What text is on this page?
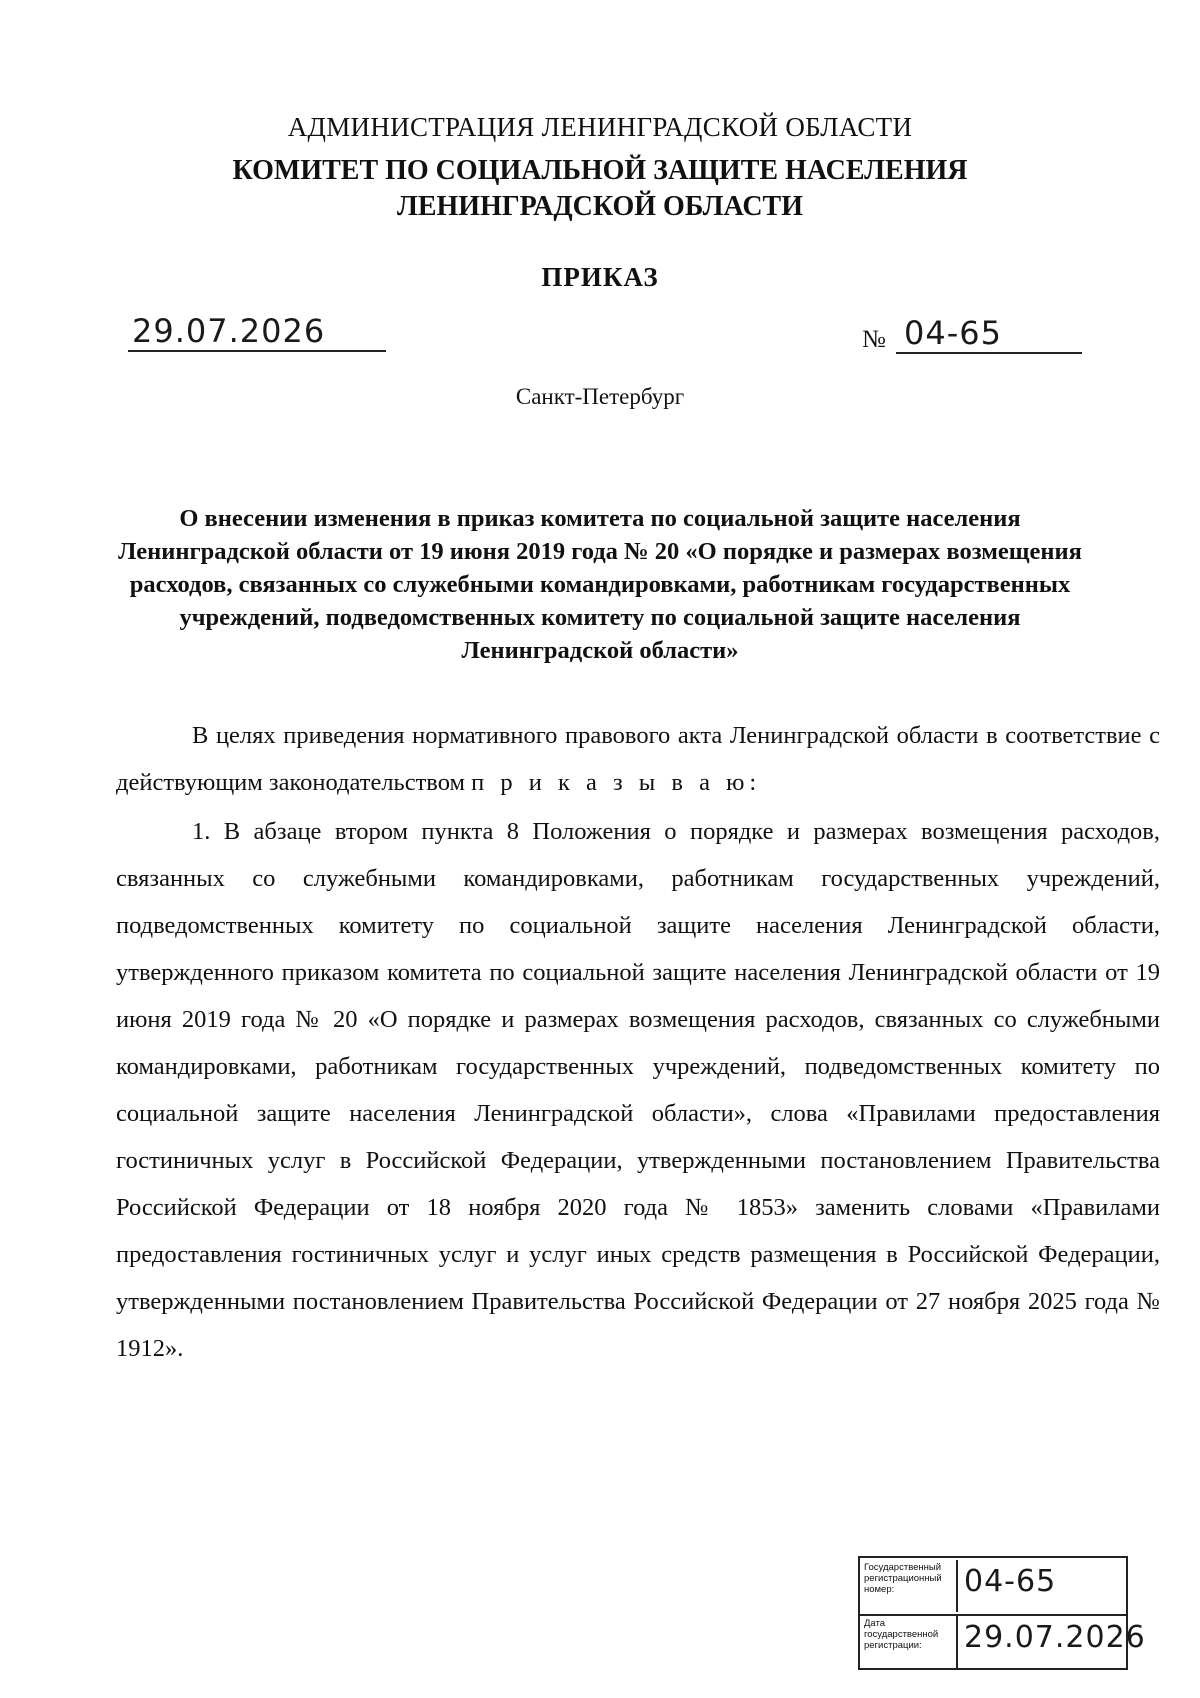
АДМИНИСТРАЦИЯ ЛЕНИНГРАДСКОЙ ОБЛАСТИ
КОМИТЕТ ПО СОЦИАЛЬНОЙ ЗАЩИТЕ НАСЕЛЕНИЯ
ЛЕНИНГРАДСКОЙ ОБЛАСТИ
ПРИКАЗ
29.07.2026	№ 04-65
Санкт-Петербург
О внесении изменения в приказ комитета по социальной защите населения Ленинградской области от 19 июня 2019 года № 20 «О порядке и размерах возмещения расходов, связанных со служебными командировками, работникам государственных учреждений, подведомственных комитету по социальной защите населения Ленинградской области»
В целях приведения нормативного правового акта Ленинградской области в соответствие с действующим законодательством п р и к а з ы в а ю:
1. В абзаце втором пункта 8 Положения о порядке и размерах возмещения расходов, связанных со служебными командировками, работникам государственных учреждений, подведомственных комитету по социальной защите населения Ленинградской области, утвержденного приказом комитета по социальной защите населения Ленинградской области от 19 июня 2019 года № 20 «О порядке и размерах возмещения расходов, связанных со служебными командировками, работникам государственных учреждений, подведомственных комитету по социальной защите населения Ленинградской области», слова «Правилами предоставления гостиничных услуг в Российской Федерации, утвержденными постановлением Правительства Российской Федерации от 18 ноября 2020 года № 1853» заменить словами «Правилами предоставления гостиничных услуг и услуг иных средств размещения в Российской Федерации, утвержденными постановлением Правительства Российской Федерации от 27 ноября 2025 года № 1912».
Государственный регистрационный номер:	04-65
Дата государственной регистрации:	29.07.2026
